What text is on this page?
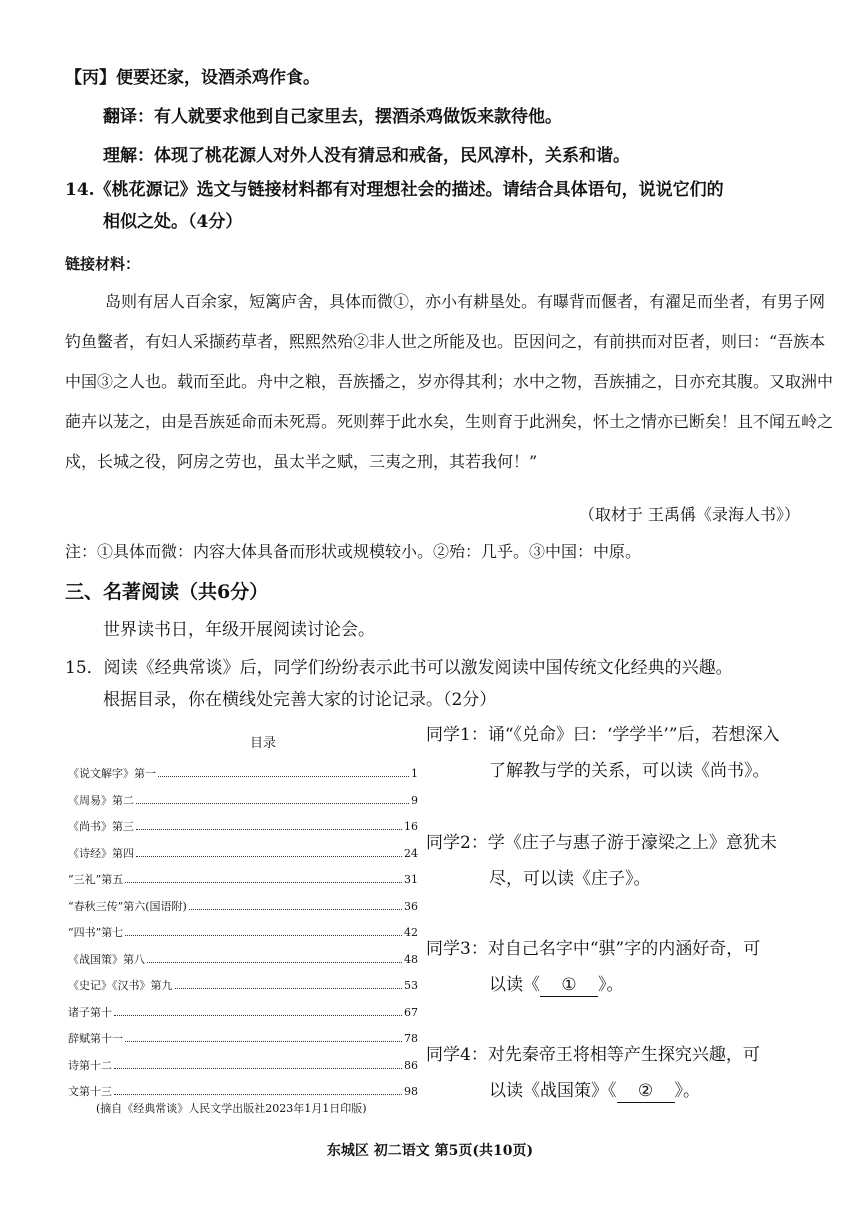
【丙】便要还家，设酒杀鸡作食。
翻译：有人就要求他到自己家里去，摆酒杀鸡做饭来款待他。
理解：体现了桃花源人对外人没有猜忌和戒备，民风淳朴，关系和谐。
14.《桃花源记》选文与链接材料都有对理想社会的描述。请结合具体语句，说说它们的
相似之处。（4分）
链接材料：
岛则有居人百余家，短篱庐舍，具体而微①，亦小有耕垦处。有曝背而偃者，有濯足而坐者，有男子网钓鱼鳖者，有妇人采撷药草者，熙熙然殆②非人世之所能及也。臣因问之，有前拱而对臣者，则曰：“吾族本中国③之人也。载而至此。舟中之粮，吾族播之，岁亦得其利；水中之物，吾族捕之，日亦充其腹。又取洲中葩卉以茏之，由是吾族延命而未死焉。死则葬于此水矣，生则育于此洲矣，怀土之情亦已断矣！且不闻五岭之戍，长城之役，阿房之劳也，虽太半之赋，三夷之刑，其若我何！”
（取材于 王禹偁《录海人书》）
注：①具体而微：内容大体具备而形状或规模较小。②殆：几乎。③中国：中原。
三、名著阅读（共6分）
世界读书日，年级开展阅读讨论会。
15．阅读《经典常谈》后，同学们纷纷表示此书可以激发阅读中国传统文化经典的兴趣。
根据目录，你在横线处完善大家的讨论记录。（2分）
目录
《说文解字》第一	1
《周易》第二	9
《尚书》第三	16
《诗经》第四	24
“三礼”第五	31
“春秋三传”第六(国语附)	36
“四书”第七	42
《战国策》第八	48
《史记》《汉书》第九	53
诸子第十	67
辞赋第十一	78
诗第十二	86
文第十三	98
(摘自《经典常谈》人民文学出版社2023年1月1日印版)
同学1：诵“《兑命》曰：‘学学半’”后，若想深入
了解教与学的关系，可以读《尚书》。
同学2：学《庄子与惠子游于濠梁之上》意犹未
尽，可以读《庄子》。
同学3：对自己名字中“骐”字的内涵好奇，可
以读《 ① 》。
同学4：对先秦帝王将相等产生探究兴趣，可
以读《战国策》《 ② 》。
东城区 初二语文 第5页(共10页)
